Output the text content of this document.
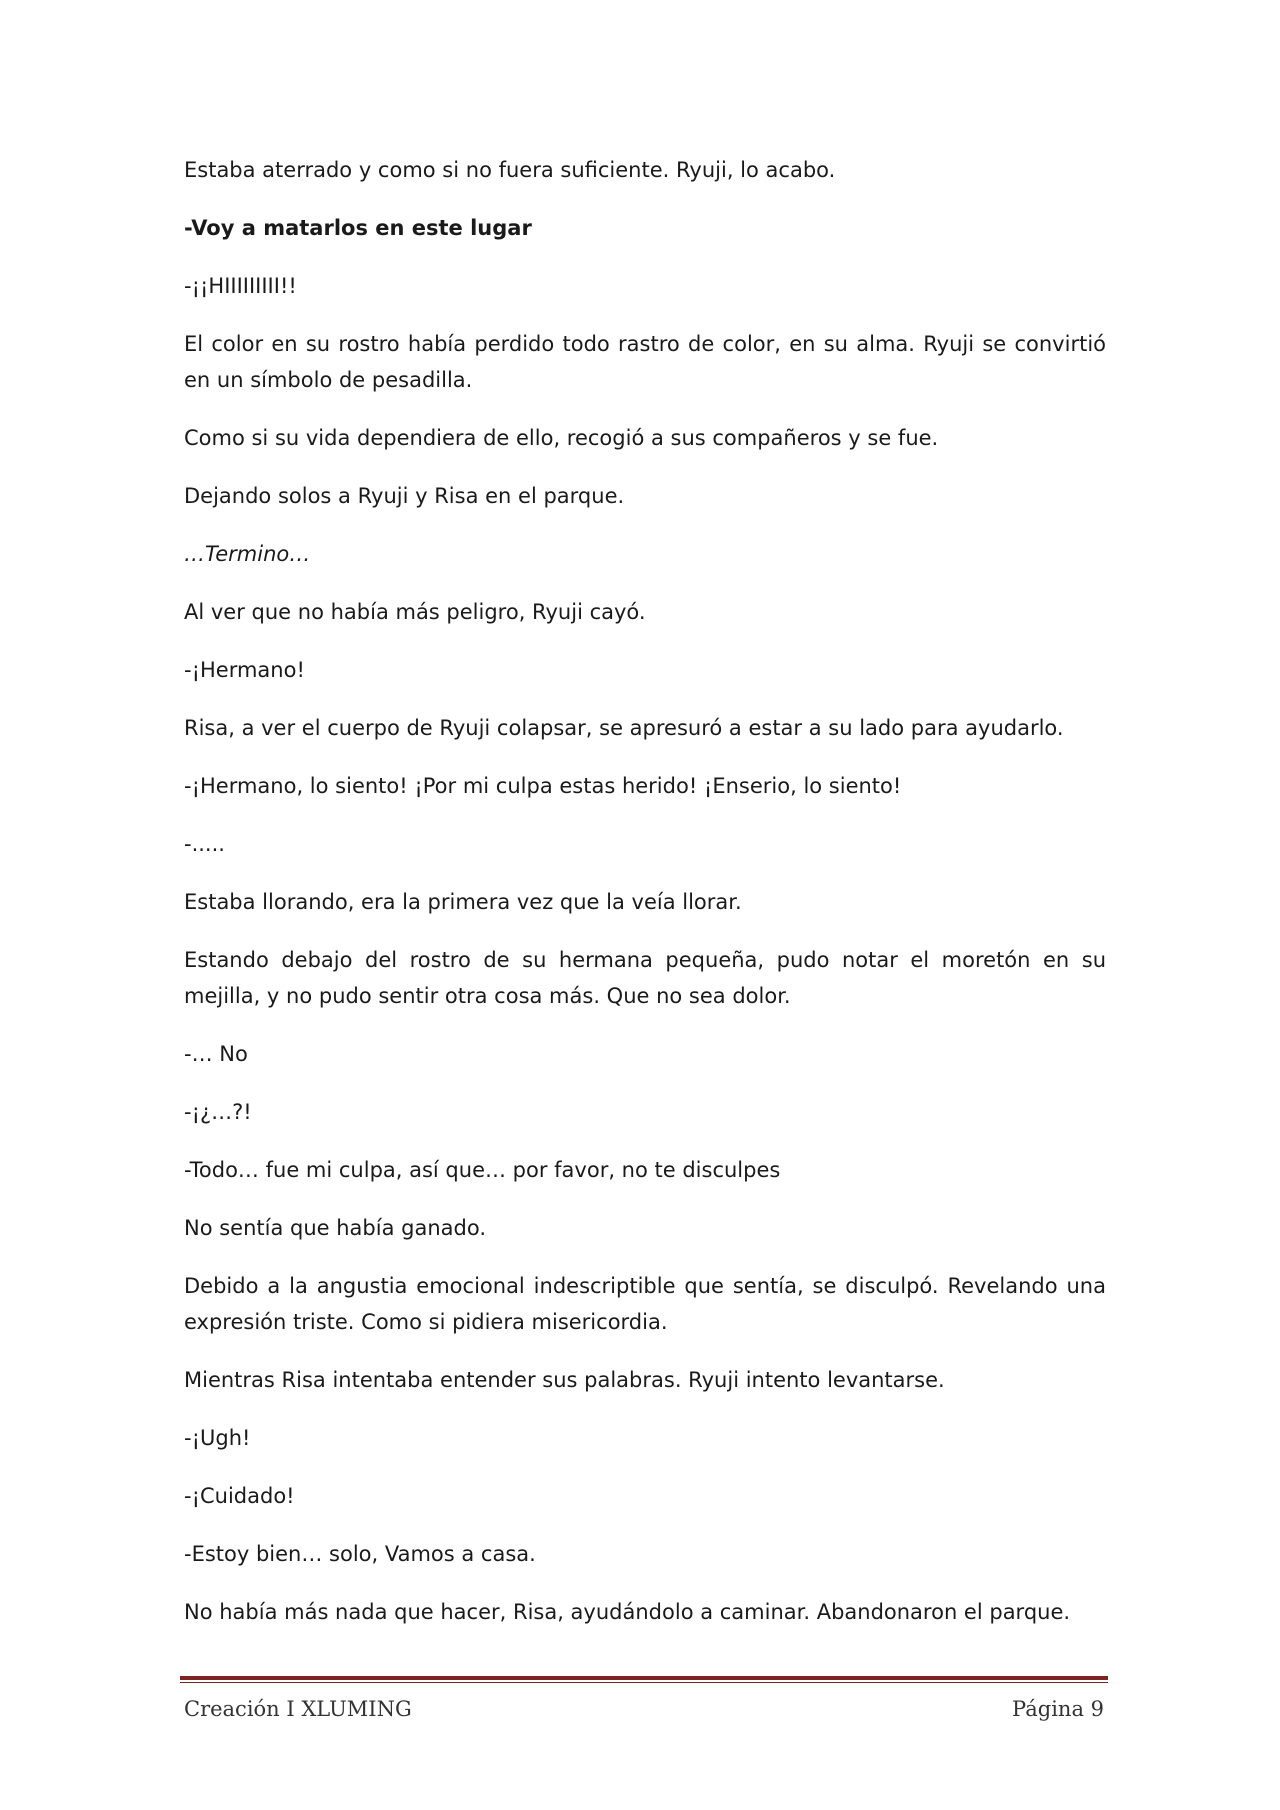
Estaba aterrado y como si no fuera suficiente. Ryuji, lo acabo.

-Voy a matarlos en este lugar

-¡¡HIIIIIIIII!!

El color en su rostro había perdido todo rastro de color, en su alma. Ryuji se convirtió en un símbolo de pesadilla.

Como si su vida dependiera de ello, recogió a sus compañeros y se fue.

Dejando solos a Ryuji y Risa en el parque.

…Termino…

Al ver que no había más peligro, Ryuji cayó.

-¡Hermano!

Risa, a ver el cuerpo de Ryuji colapsar, se apresuró a estar a su lado para ayudarlo.

-¡Hermano, lo siento! ¡Por mi culpa estas herido! ¡Enserio, lo siento!

-.....

Estaba llorando, era la primera vez que la veía llorar.

Estando debajo del rostro de su hermana pequeña, pudo notar el moretón en su mejilla, y no pudo sentir otra cosa más. Que no sea dolor.

-… No

-¡¿…?!

-Todo… fue mi culpa, así que… por favor, no te disculpes

No sentía que había ganado.

Debido a la angustia emocional indescriptible que sentía, se disculpó. Revelando una expresión triste. Como si pidiera misericordia.

Mientras Risa intentaba entender sus palabras. Ryuji intento levantarse.

-¡Ugh!

-¡Cuidado!

-Estoy bien… solo, Vamos a casa.

No había más nada que hacer, Risa, ayudándolo a caminar. Abandonaron el parque.

Creación I XLUMING	Página 9
